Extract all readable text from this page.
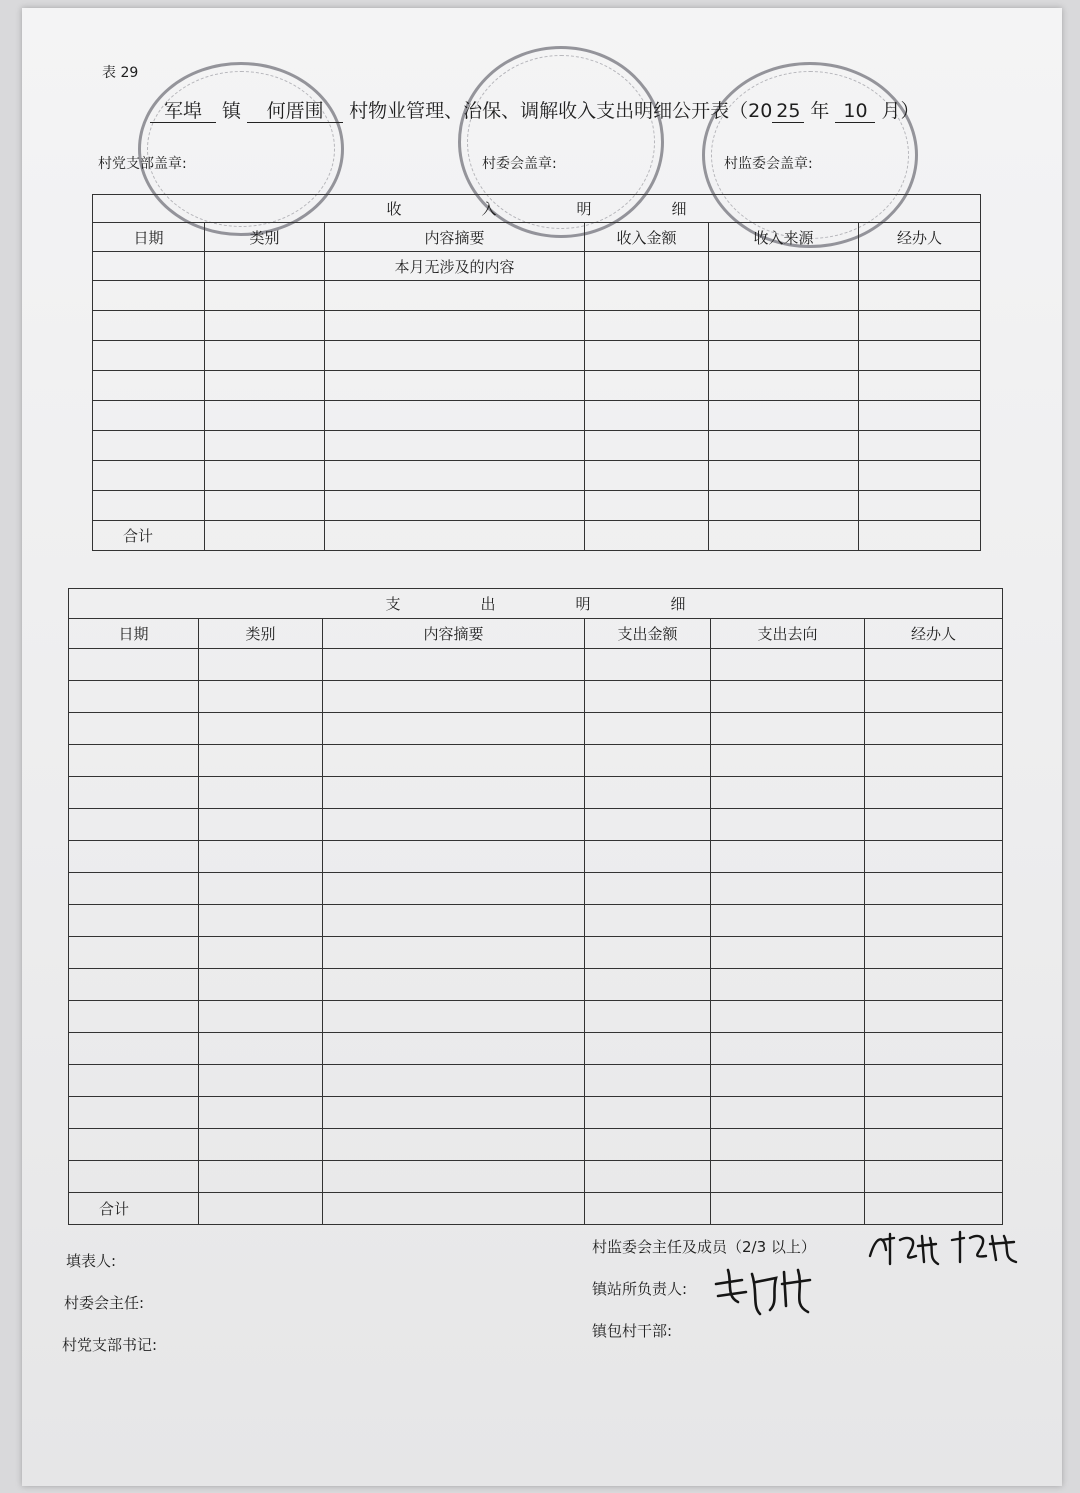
表 29
军埠 镇 何厝围 村物业管理、治保、调解收入支出明细公开表（20 25 年 10 月）
村党支部盖章:	村委会盖章:	村监委会盖章:
收 入 明 细					

日期	类别	内容摘要	收入金额	收入来源	经办人
		本月无涉及的内容			

合计					
支 出 明 细					

日期	类别	内容摘要	支出金额	支出去向	经办人

合计					
填表人:
村委会主任:
村党支部书记:
村监委会主任及成员（2/3 以上）
镇站所负责人:
镇包村干部:
